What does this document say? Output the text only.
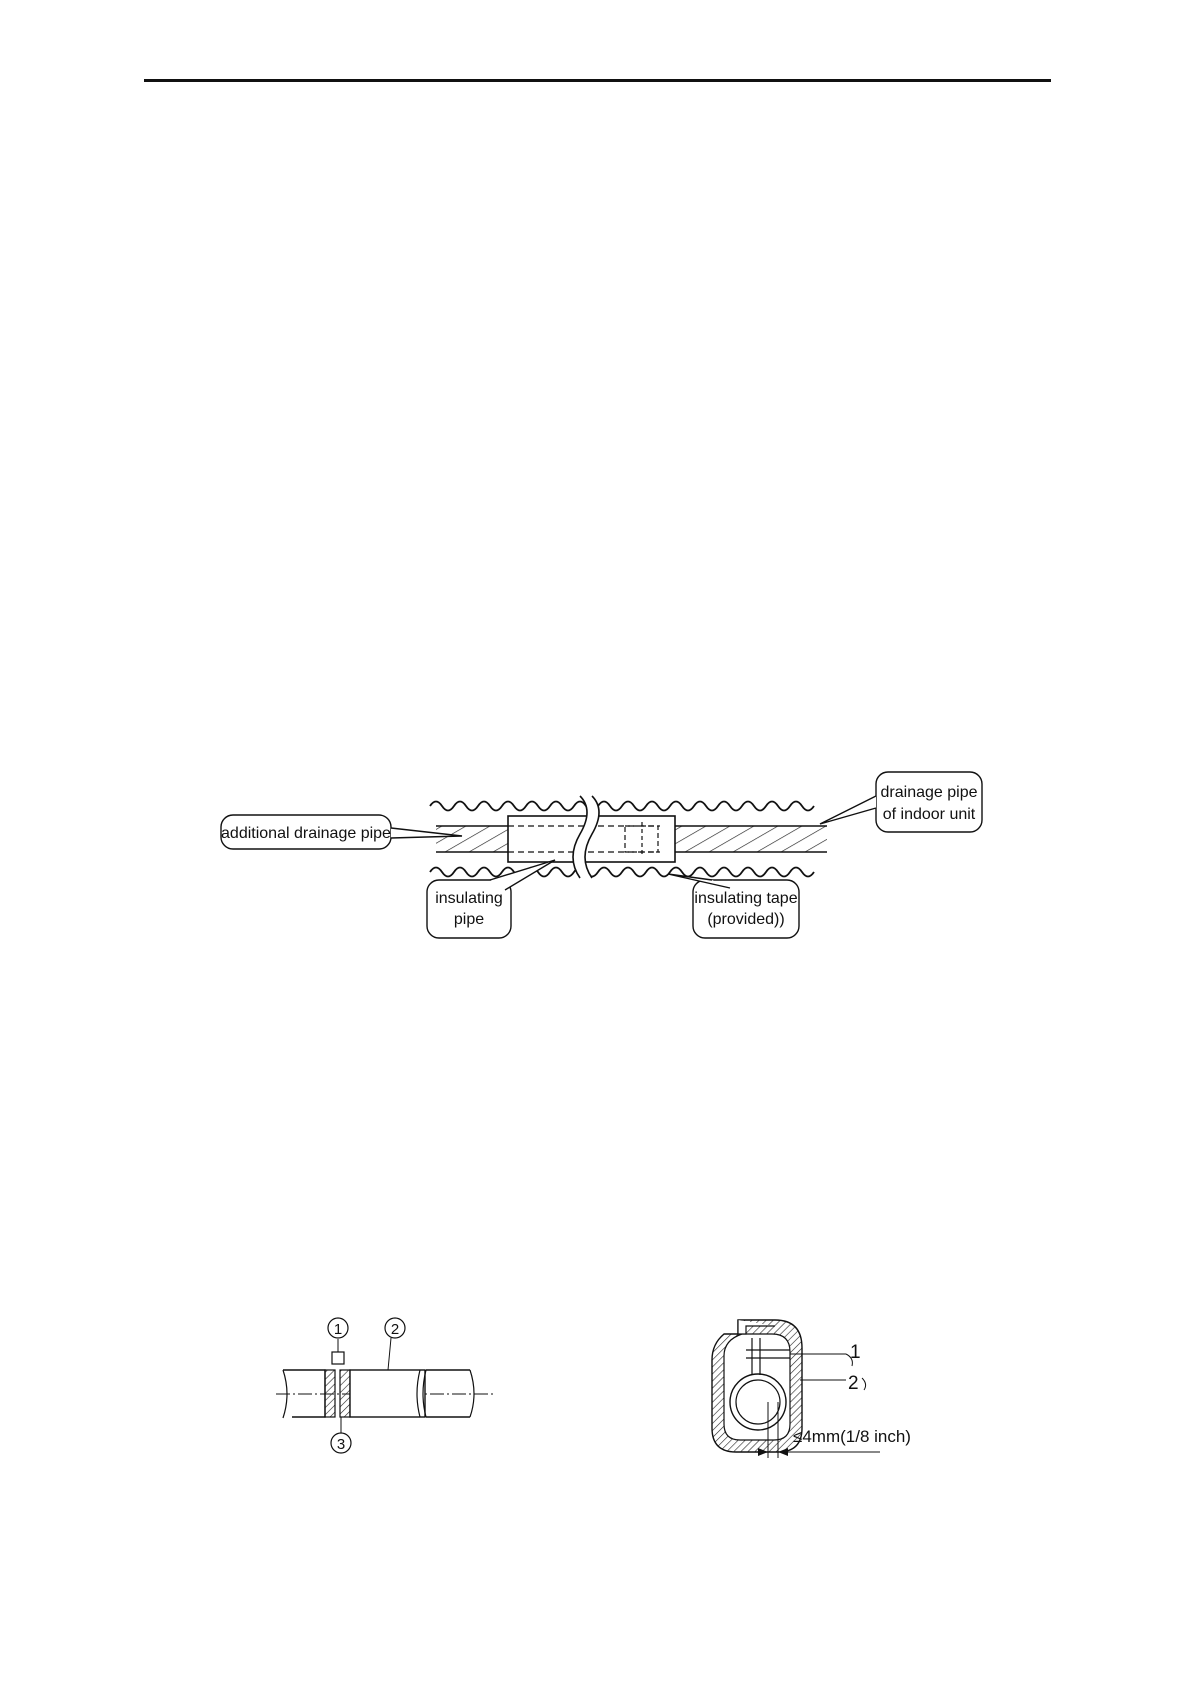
additional drainage pipe
drainage pipe
of indoor unit
insulating
pipe
insulating tape
(provided))
1	2
3
1
2
≤4mm(1/8 inch)
